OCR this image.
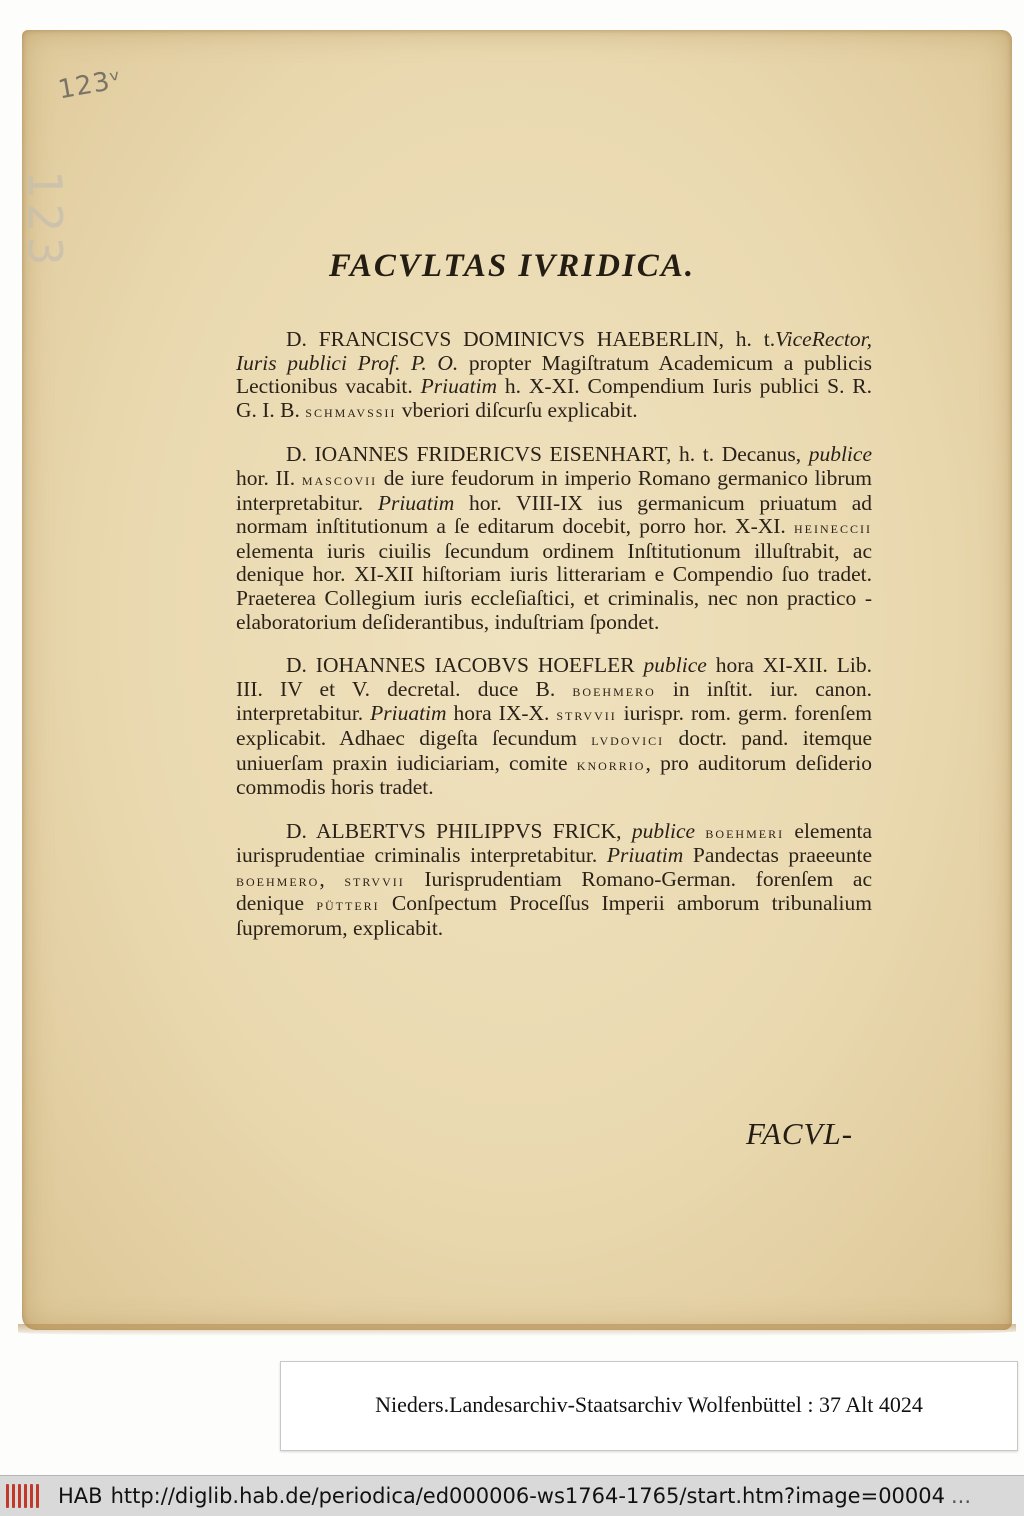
123ᵛ
123	FACVLTAS IVRIDICA.

D. FRANCISCVS DOMINICVS HAEBERLIN, h. t.ViceRector, Iuris publici Prof. P. O. propter Magiſtratum Academicum a publicis Lectionibus vacabit. Priuatim h. X-XI. Compendium Iuris publici S. R. G. I. B. schmavssii vberiori diſcurſu explicabit.

D. IOANNES FRIDERICVS EISENHART, h. t. Decanus, publice hor. II. mascovii de iure feudorum in imperio Romano germanico librum interpretabitur. Priuatim hor. VIII-IX ius germanicum priuatum ad normam inſtitutionum a ſe editarum docebit, porro hor. X-XI. heineccii elementa iuris ciuilis ſecundum ordinem Inſtitutionum illuſtrabit, ac denique hor. XI-XII hiſtoriam iuris litterariam e Compendio ſuo tradet. Praeterea Collegium iuris eccleſiaſtici, et criminalis, nec non practico - elaboratorium deſiderantibus, induſtriam ſpondet.

D. IOHANNES IACOBVS HOEFLER publice hora XI-XII. Lib. III. IV et V. decretal. duce B. boehmero in inſtit. iur. canon. interpretabitur. Priuatim hora IX-X. strvvii iurispr. rom. germ. forenſem explicabit. Adhaec digeſta ſecundum lvdovici doctr. pand. itemque uniuerſam praxin iudiciariam, comite knorrio, pro auditorum deſiderio commodis horis tradet.

D. ALBERTVS PHILIPPVS FRICK, publice boehmeri elementa iurisprudentiae criminalis interpretabitur. Priuatim Pandectas praeeunte boehmero, strvvii Iurisprudentiam Romano-German. forenſem ac denique pütteri Conſpectum Proceſſus Imperii amborum tribunalium ſupremorum, explicabit.

FACVL-
Nieders.Landesarchiv-Staatsarchiv Wolfenbüttel : 37 Alt 4024
HAB http://diglib.hab.de/periodica/ed000006-ws1764-1765/start.htm?image=00004 ...
